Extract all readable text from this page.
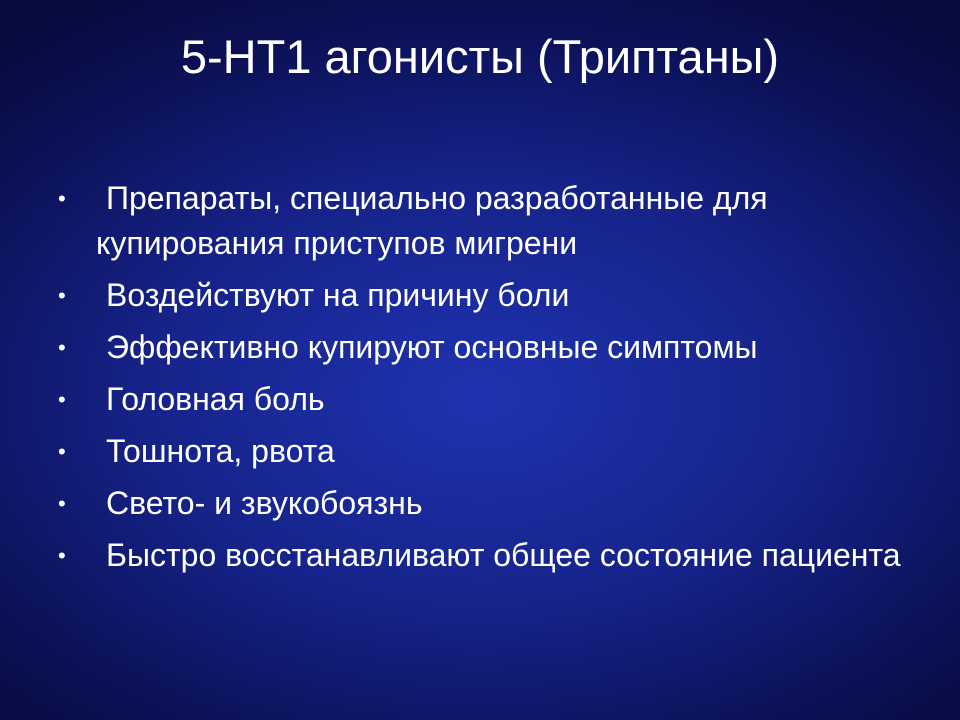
5-HT1 агонисты (Триптаны)
•	Препараты, специально разработанные для купирования приступов мигрени
•	Воздействуют на причину боли
•	Эффективно купируют основные симптомы
•	Головная боль
•	Тошнота, рвота
•	Свето- и звукобоязнь
•	Быстро восстанавливают общее состояние пациента
